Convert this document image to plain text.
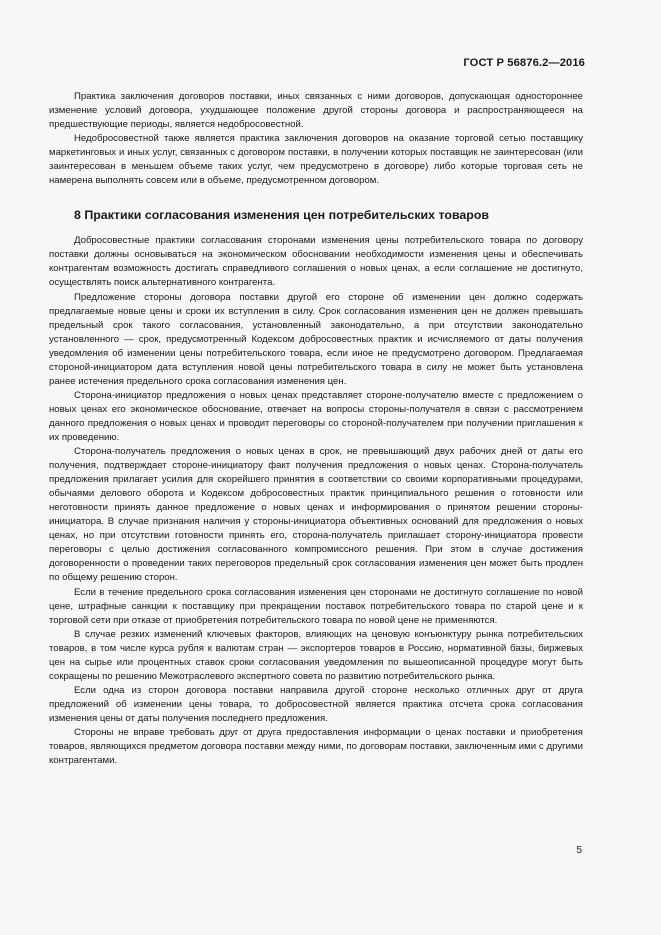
ГОСТ Р 56876.2—2016

Практика заключения договоров поставки, иных связанных с ними договоров, допускающая одностороннее изменение условий договора, ухудшающее положение другой стороны договора и распространяющееся на предшествующие периоды, является недобросовестной.

Недобросовестной также является практика заключения договоров на оказание торговой сетью поставщику маркетинговых и иных услуг, связанных с договором поставки, в получении которых поставщик не заинтересован (или заинтересован в меньшем объеме таких услуг, чем предусмотрено в договоре) либо которые торговая сеть не намерена выполнять совсем или в объеме, предусмотренном договором.

8 Практики согласования изменения цен потребительских товаров

Добросовестные практики согласования сторонами изменения цены потребительского товара по договору поставки должны основываться на экономическом обосновании необходимости изменения цены и обеспечивать контрагентам возможность достигать справедливого соглашения о новых ценах, а если соглашение не достигнуто, осуществлять поиск альтернативного контрагента.

Предложение стороны договора поставки другой его стороне об изменении цен должно содержать предлагаемые новые цены и сроки их вступления в силу. Срок согласования изменения цен не должен превышать предельный срок такого согласования, установленный законодательно, а при отсутствии законодательно установленного — срок, предусмотренный Кодексом добросовестных практик и исчисляемого от даты получения уведомления об изменении цены потребительского товара, если иное не предусмотрено договором. Предлагаемая стороной-инициатором дата вступления новой цены потребительского товара в силу не может быть установлена ранее истечения предельного срока согласования изменения цен.

Сторона-инициатор предложения о новых ценах представляет стороне-получателю вместе с предложением о новых ценах его экономическое обоснование, отвечает на вопросы стороны-получателя в связи с рассмотрением данного предложения о новых ценах и проводит переговоры со стороной-получателем при получении приглашения к их проведению.

Сторона-получатель предложения о новых ценах в срок, не превышающий двух рабочих дней от даты его получения, подтверждает стороне-инициатору факт получения предложения о новых ценах. Сторона-получатель предложения прилагает усилия для скорейшего принятия в соответствии со своими корпоративными процедурами, обычаями делового оборота и Кодексом добросовестных практик принципиального решения о готовности или неготовности принять данное предложение о новых ценах и информирования о принятом решении стороны-инициатора. В случае признания наличия у стороны-инициатора объективных оснований для предложения о новых ценах, но при отсутствии готовности принять его, сторона-получатель приглашает сторону-инициатора провести переговоры с целью достижения согласованного компромиссного решения. При этом в случае достижения договоренности о проведении таких переговоров предельный срок согласования изменения цен может быть продлен по общему решению сторон.

Если в течение предельного срока согласования изменения цен сторонами не достигнуто соглашение по новой цене, штрафные санкции к поставщику при прекращении поставок потребительского товара по старой цене и к торговой сети при отказе от приобретения потребительского товара по новой цене не применяются.

В случае резких изменений ключевых факторов, влияющих на ценовую конъюнктуру рынка потребительских товаров, в том числе курса рубля к валютам стран — экспортеров товаров в Россию, нормативной базы, биржевых цен на сырье или процентных ставок сроки согласования уведомления по вышеописанной процедуре могут быть сокращены по решению Межотраслевого экспертного совета по развитию потребительского рынка.

Если одна из сторон договора поставки направила другой стороне несколько отличных друг от друга предложений об изменении цены товара, то добросовестной является практика отсчета срока согласования изменения цены от даты получения последнего предложения.

Стороны не вправе требовать друг от друга предоставления информации о ценах поставки и приобретения товаров, являющихся предметом договора поставки между ними, по договорам поставки, заключенным ими с другими контрагентами.

5
